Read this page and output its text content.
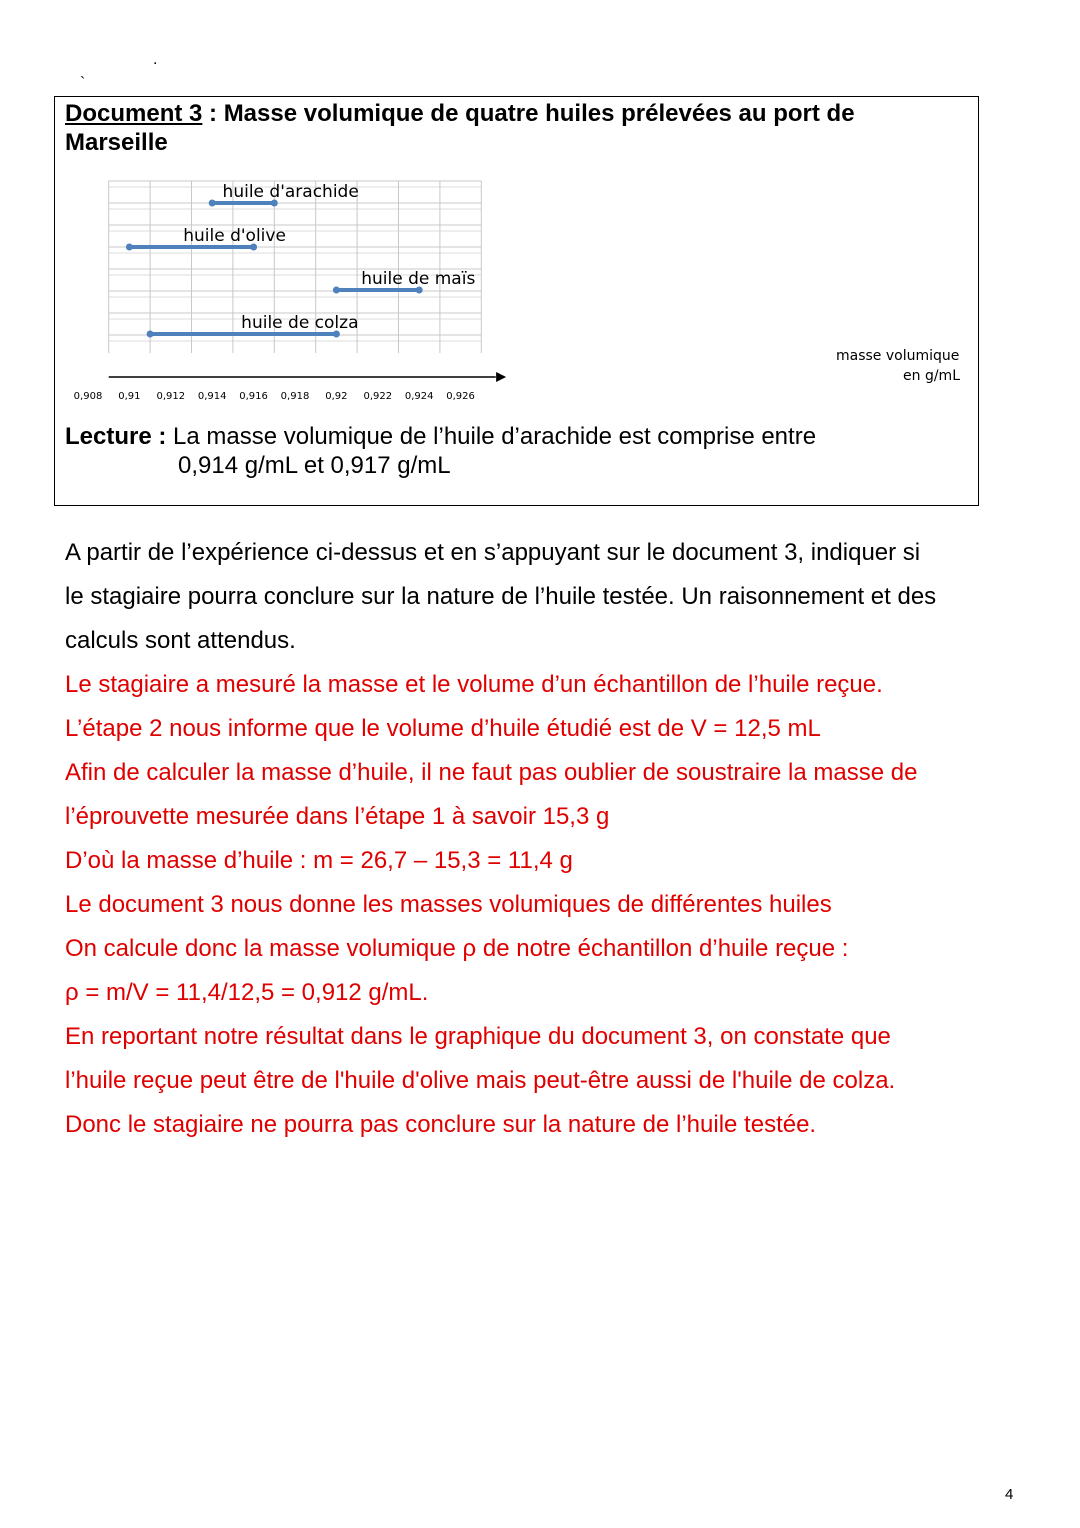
`
.
Document 3 : Masse volumique de quatre huiles prélevées au port de
Marseille
huile d'arachide
huile d'olive
huile de maïs
huile de colza
0,908 0,91 0,912 0,914 0,916 0,918 0,92 0,922 0,924 0,926
masse volumique
en g/mL
Lecture : La masse volumique de l’huile d’arachide est comprise entre
0,914 g/mL et 0,917 g/mL
A partir de l’expérience ci-dessus et en s’appuyant sur le document 3, indiquer si
le stagiaire pourra conclure sur la nature de l’huile testée. Un raisonnement et des
calculs sont attendus.
Le stagiaire a mesuré la masse et le volume d’un échantillon de l’huile reçue.
L’étape 2 nous informe que le volume d’huile étudié est de V = 12,5 mL
Afin de calculer la masse d’huile, il ne faut pas oublier de soustraire la masse de
l’éprouvette mesurée dans l’étape 1 à savoir 15,3 g
D’où la masse d’huile : m = 26,7 – 15,3 = 11,4 g
Le document 3 nous donne les masses volumiques de différentes huiles
On calcule donc la masse volumique ρ de notre échantillon d’huile reçue :
ρ = m/V = 11,4/12,5 = 0,912 g/mL.
En reportant notre résultat dans le graphique du document 3, on constate que
l’huile reçue peut être de l'huile d'olive mais peut-être aussi de l'huile de colza.
Donc le stagiaire ne pourra pas conclure sur la nature de l’huile testée.
4
